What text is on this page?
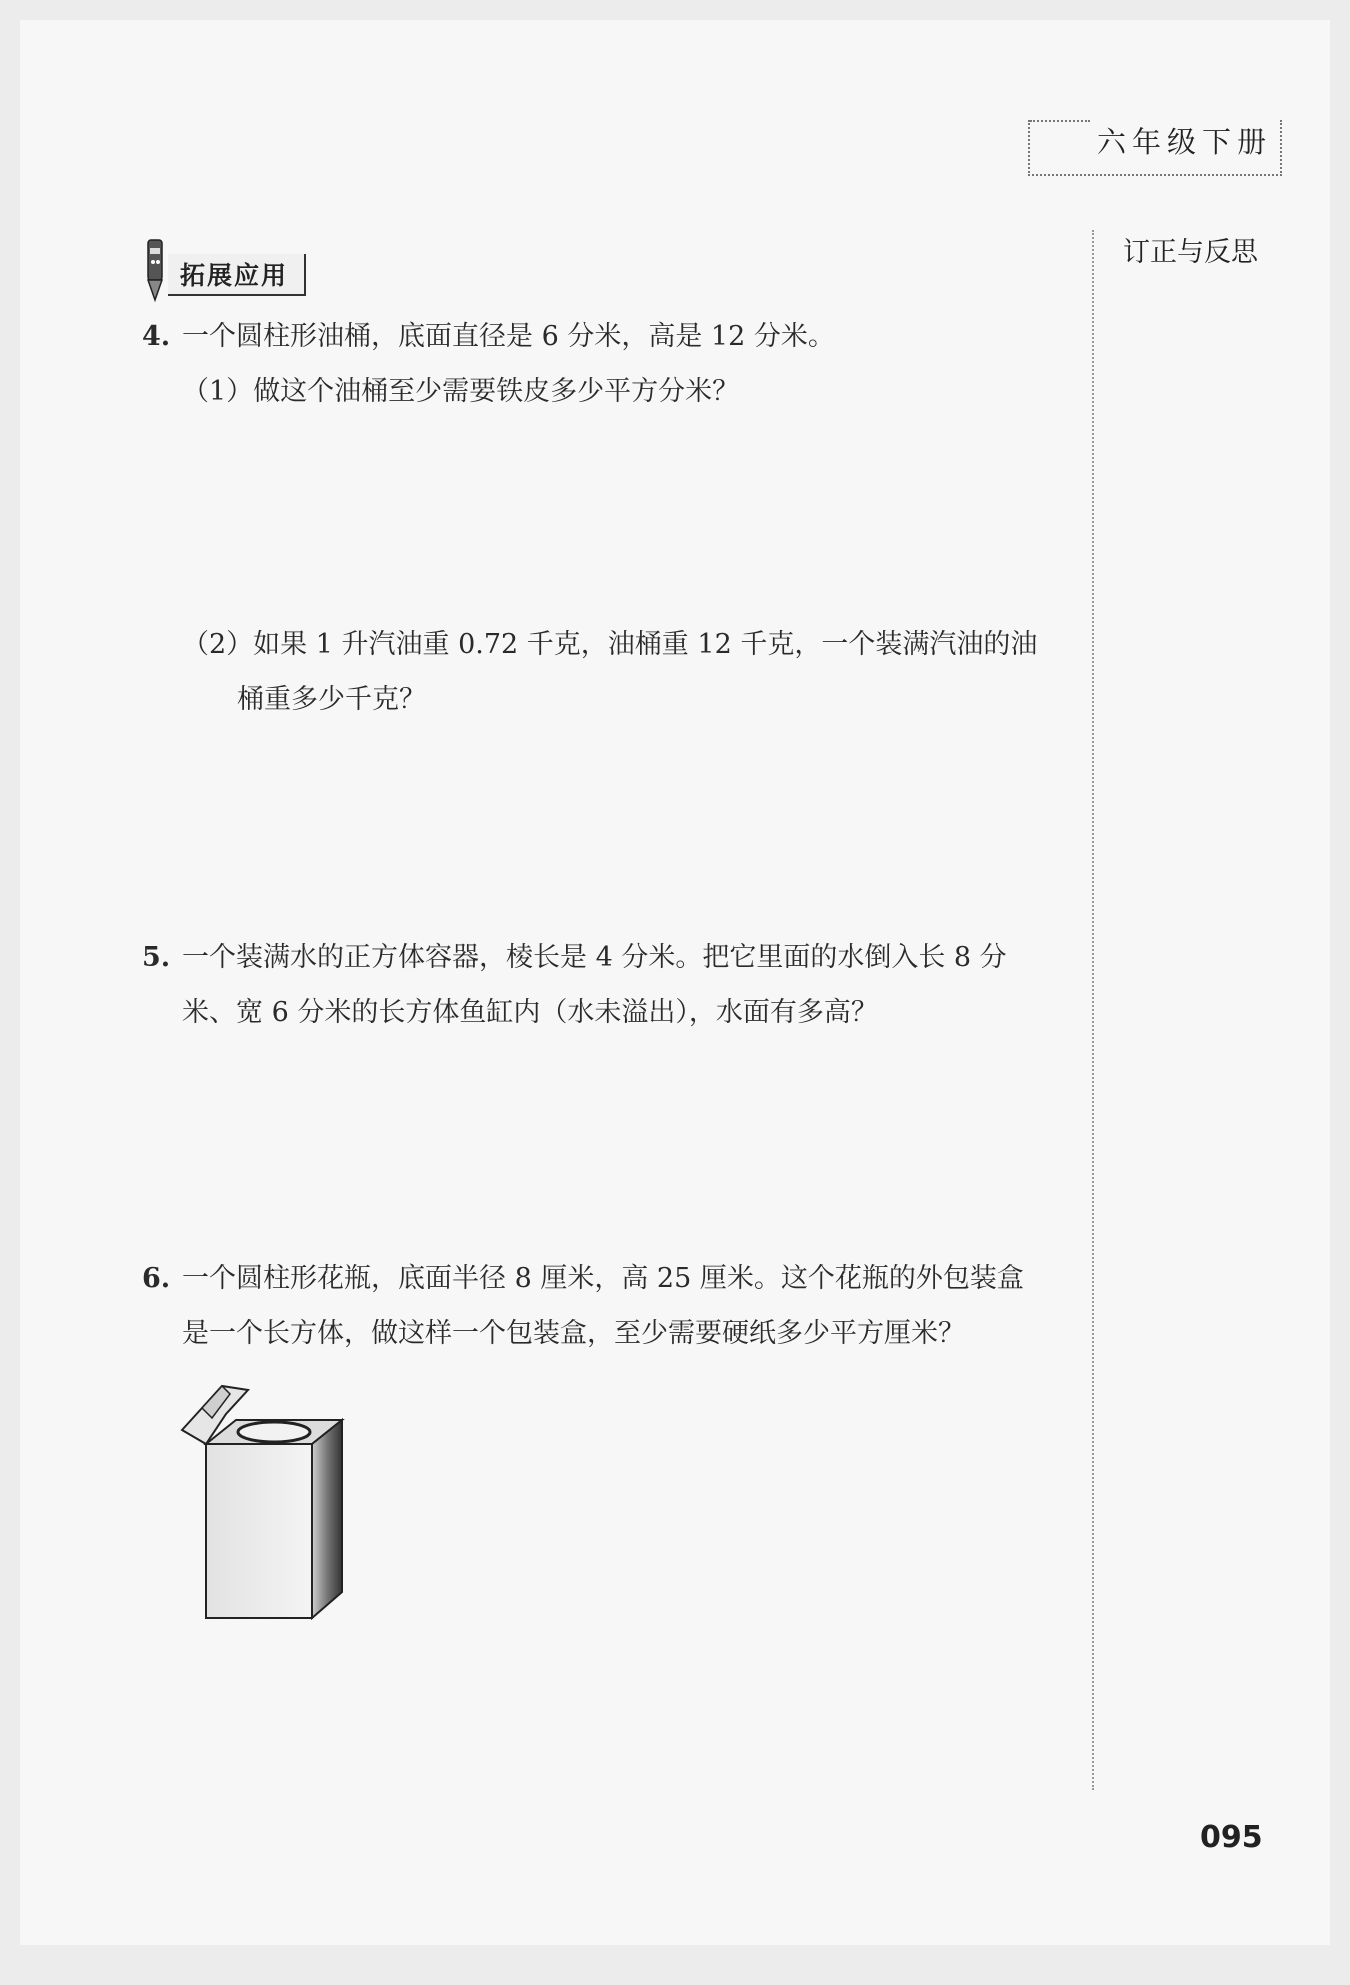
六年级下册
订正与反思
拓展应用
4. 一个圆柱形油桶，底面直径是 6 分米，高是 12 分米。
（1）做这个油桶至少需要铁皮多少平方分米？
（2）如果 1 升汽油重 0.72 千克，油桶重 12 千克，一个装满汽油的油
桶重多少千克？
5. 一个装满水的正方体容器，棱长是 4 分米。把它里面的水倒入长 8 分
米、宽 6 分米的长方体鱼缸内（水未溢出），水面有多高？
6. 一个圆柱形花瓶，底面半径 8 厘米，高 25 厘米。这个花瓶的外包装盒
是一个长方体，做这样一个包装盒，至少需要硬纸多少平方厘米？
095
